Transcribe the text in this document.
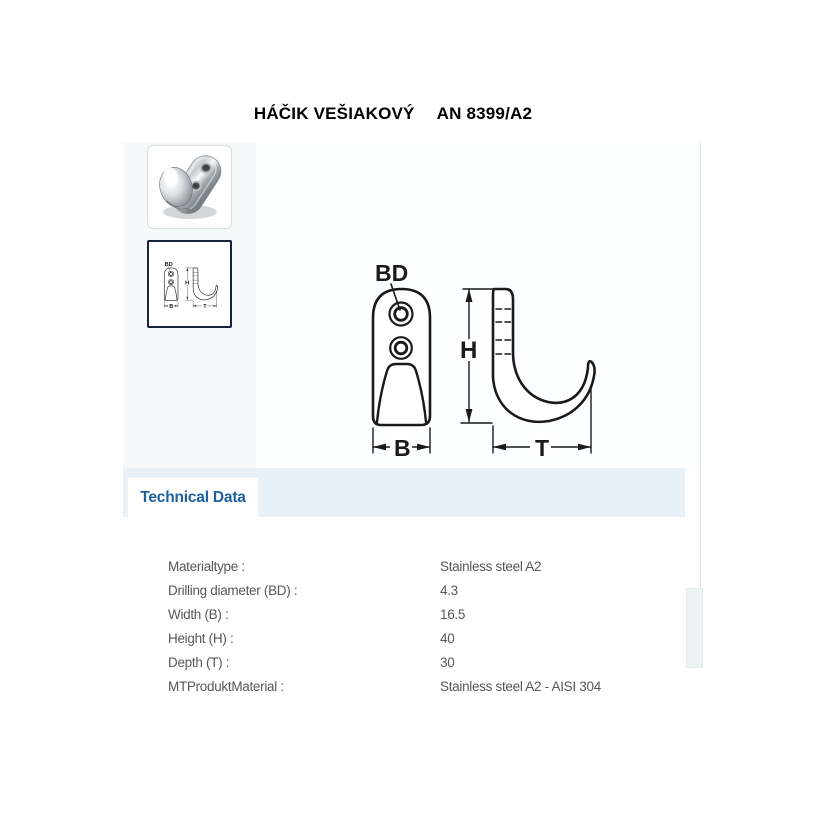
HÁČIK VEŠIAKOVÝ AN 8399/A2
BD
B
H
T
BD
B
H
T
Technical Data
Materialtype :	Stainless steel A2
Drilling diameter (BD) :	4.3
Width (B) :	16.5
Height (H) :	40
Depth (T) :	30
MTProduktMaterial :	Stainless steel A2 - AISI 304
